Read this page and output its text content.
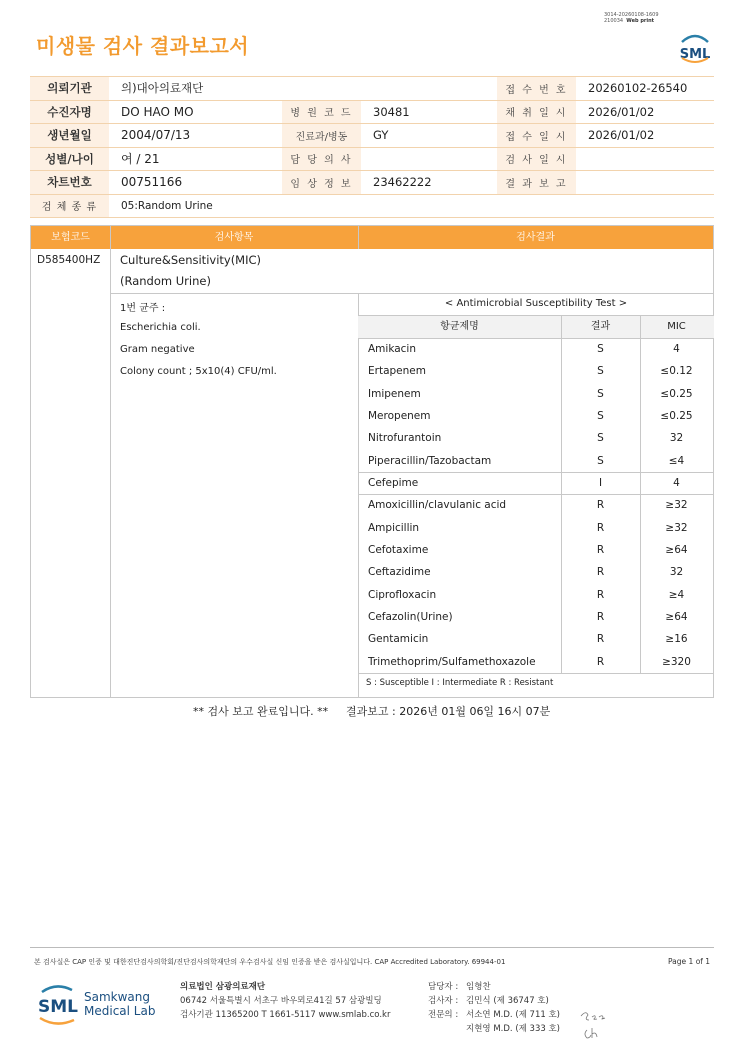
미생물 검사 결과보고서
3014-20260108-1609
210034 Web print
SML
의뢰기관	의)대아의료재단			접 수 번 호	20260102-26540
수진자명	DO HAO MO	병 원 코 드	30481	채 취 일 시	2026/01/02
생년월일	2004/07/13	진료과/병동	GY	접 수 일 시	2026/01/02
성별/나이	여 / 21	담 당 의 사		검 사 일 시	
차트번호	00751166	임 상 정 보	23462222	결 과 보 고	
검 체 종 류	05:Random Urine				
보험코드	검사항목	검사결과
D585400HZ Culture&Sensitivity(MIC)
(Random Urine)
1번 균주 :
Escherichia coli.
Gram negative
Colony count ; 5x10(4) CFU/ml.
< Antimicrobial Susceptibility Test >
항균제명	결과	MIC
Amikacin	S	4
Ertapenem	S	≤0.12
Imipenem	S	≤0.25
Meropenem	S	≤0.25
Nitrofurantoin	S	32
Piperacillin/Tazobactam	S	≤4
Cefepime	I	4
Amoxicillin/clavulanic acid	R	≥32
Ampicillin	R	≥32
Cefotaxime	R	≥64
Ceftazidime	R	32
Ciprofloxacin	R	≥4
Cefazolin(Urine)	R	≥64
Gentamicin	R	≥16
Trimethoprim/Sulfamethoxazole	R	≥320
S : Susceptible I : Intermediate R : Resistant
** 검사 보고 완료입니다. ** 결과보고 : 2026년 01월 06일 16시 07분
본 검사실은 CAP 인증 및 대한진단검사의학회/진단검사의학재단의 우수검사실 신임 인증을 받은 검사실입니다. CAP Accredited Laboratory. 69944-01	Page 1 of 1
SML Samkwang
Medical Lab
의료법인 삼광의료재단
06742 서울특별시 서초구 바우뫼로41길 57 삼광빌딩
검사기관 11365200 T 1661-5117 www.smlab.co.kr
담당자 : 임형찬
검사자 : 김민식 (제 36747 호)
전문의 : 서소연 M.D. (제 711 호)
지현영 M.D. (제 333 호)
